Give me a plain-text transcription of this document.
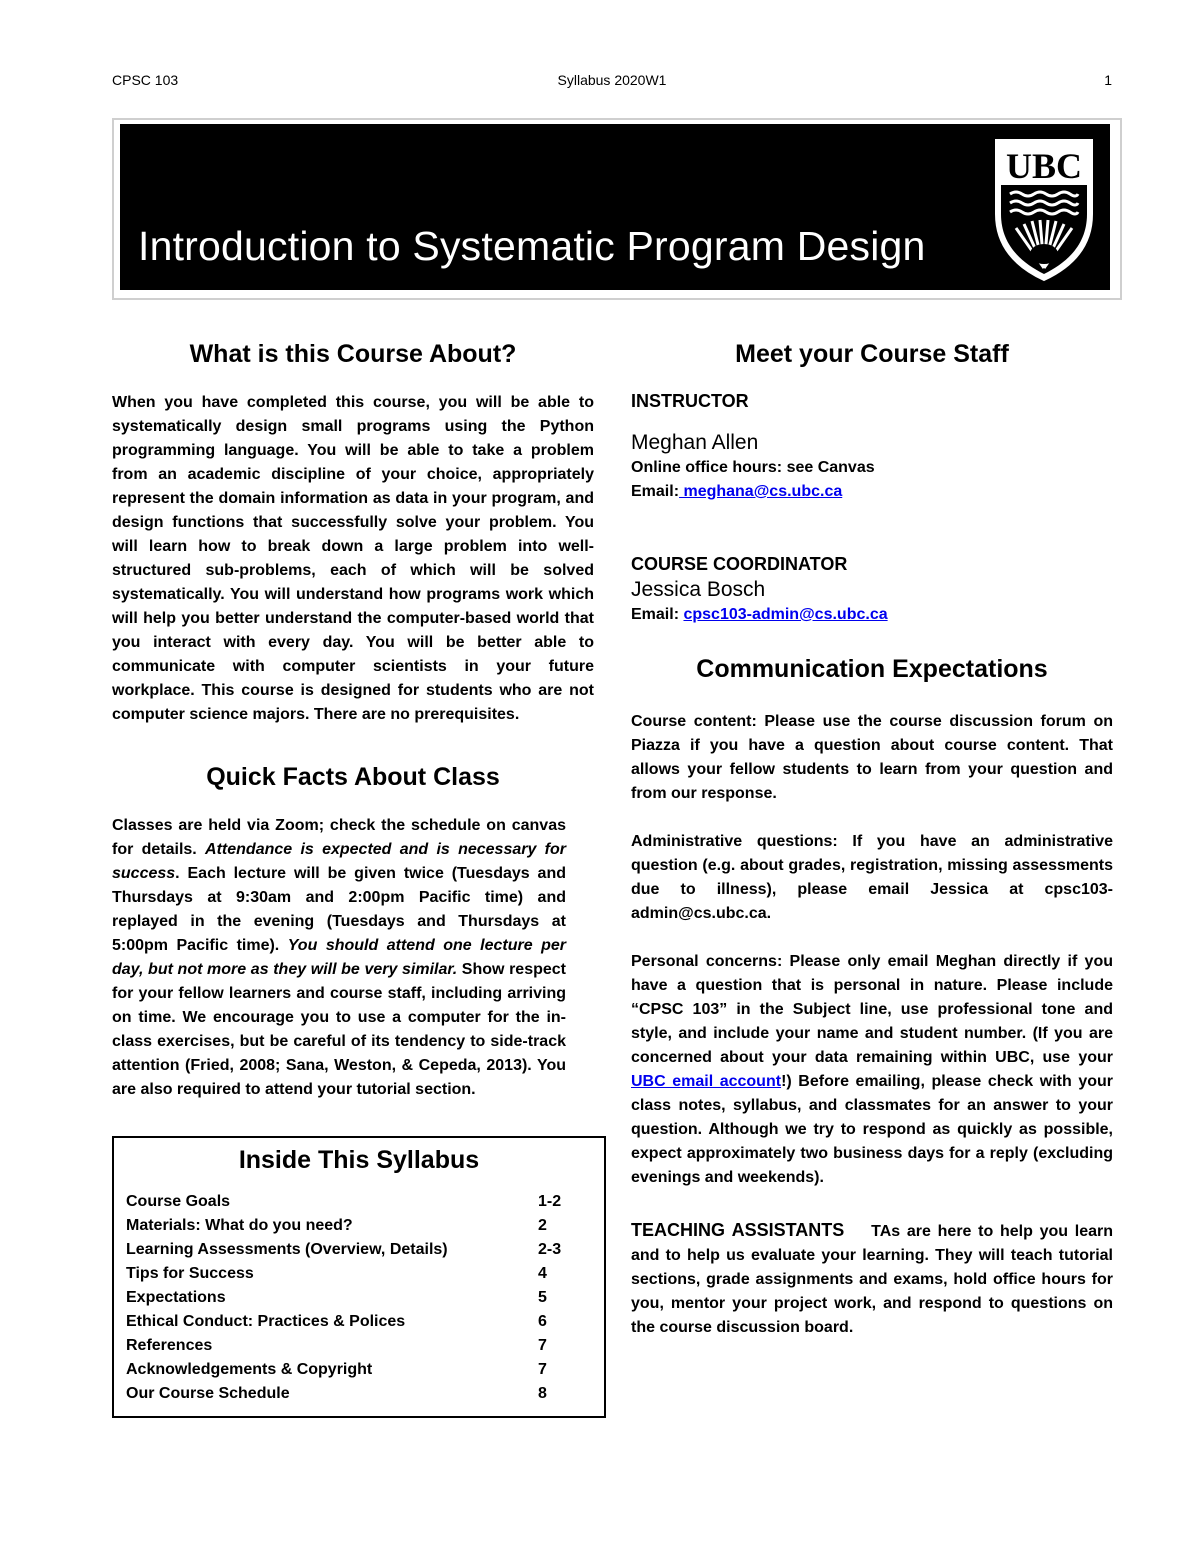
CPSC 103	Syllabus 2020W1	1
Introduction to Systematic Program Design
UBC
What is this Course About?

When you have completed this course, you will be able to systematically design small programs using the Python programming language. You will be able to take a problem from an academic discipline of your choice, appropriately represent the domain information as data in your program, and design functions that successfully solve your problem. You will learn how to break down a large problem into well-structured sub-problems, each of which will be solved systematically. You will understand how programs work which will help you better understand the computer-based world that you interact with every day. You will be better able to communicate with computer scientists in your future workplace. This course is designed for students who are not computer science majors. There are no prerequisites.

Quick Facts About Class

Classes are held via Zoom; check the schedule on canvas for details. Attendance is expected and is necessary for success. Each lecture will be given twice (Tuesdays and Thursdays at 9:30am and 2:00pm Pacific time) and replayed in the evening (Tuesdays and Thursdays at 5:00pm Pacific time). You should attend one lecture per day, but not more as they will be very similar. Show respect for your fellow learners and course staff, including arriving on time. We encourage you to use a computer for the in-class exercises, but be careful of its tendency to side-track attention (Fried, 2008; Sana, Weston, & Cepeda, 2013). You are also required to attend your tutorial section.

Inside This Syllabus
Course Goals	1-2
Materials: What do you need?	2
Learning Assessments (Overview, Details)	2-3
Tips for Success	4
Expectations	5
Ethical Conduct: Practices & Polices	6
References	7
Acknowledgements & Copyright	7
Our Course Schedule	8
Meet your Course Staff
INSTRUCTOR
Meghan Allen
Online office hours: see Canvas
Email: meghana@cs.ubc.ca
COURSE COORDINATOR
Jessica Bosch
Email: cpsc103-admin@cs.ubc.ca
Communication Expectations

Course content: Please use the course discussion forum on Piazza if you have a question about course content. That allows your fellow students to learn from your question and from our response.

Administrative questions: If you have an administrative question (e.g. about grades, registration, missing assessments due to illness), please email Jessica at cpsc103-admin@cs.ubc.ca.

Personal concerns: Please only email Meghan directly if you have a question that is personal in nature. Please include “CPSC 103” in the Subject line, use professional tone and style, and include your name and student number. (If you are concerned about your data remaining within UBC, use your UBC email account!) Before emailing, please check with your class notes, syllabus, and classmates for an answer to your question. Although we try to respond as quickly as possible, expect approximately two business days for a reply (excluding evenings and weekends).

TEACHING ASSISTANTS TAs are here to help you learn and to help us evaluate your learning. They will teach tutorial sections, grade assignments and exams, hold office hours for you, mentor your project work, and respond to questions on the course discussion board.
